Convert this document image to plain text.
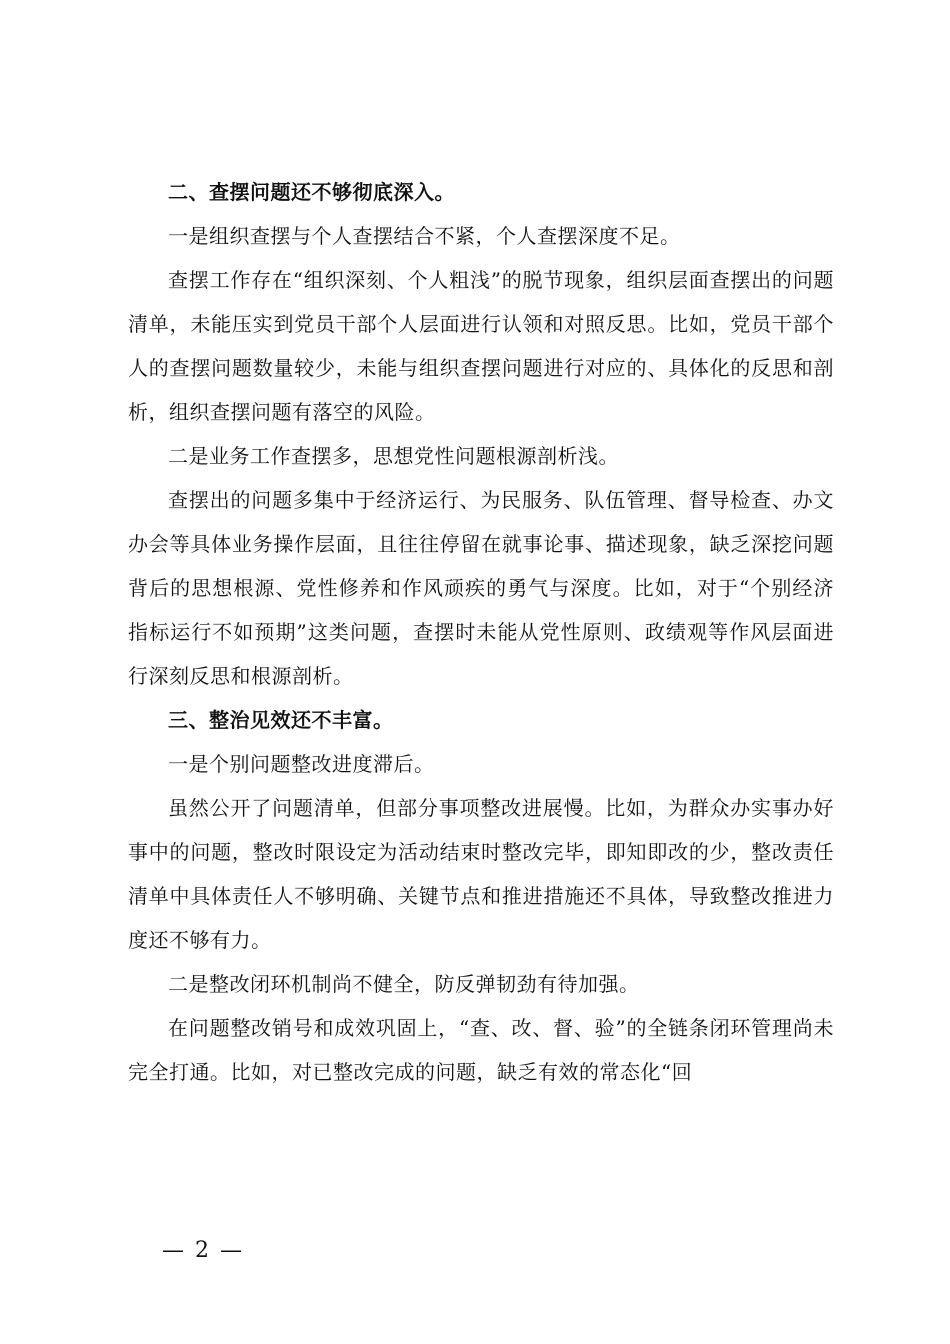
二、查摆问题还不够彻底深入。

一是组织查摆与个人查摆结合不紧，个人查摆深度不足。

查摆工作存在“组织深刻、个人粗浅”的脱节现象，组织层面查摆出的问题清单，未能压实到党员干部个人层面进行认领和对照反思。比如，党员干部个人的查摆问题数量较少，未能与组织查摆问题进行对应的、具体化的反思和剖析，组织查摆问题有落空的风险。

二是业务工作查摆多，思想党性问题根源剖析浅。

查摆出的问题多集中于经济运行、为民服务、队伍管理、督导检查、办文办会等具体业务操作层面，且往往停留在就事论事、描述现象，缺乏深挖问题背后的思想根源、党性修养和作风顽疾的勇气与深度。比如，对于“个别经济指标运行不如预期”这类问题，查摆时未能从党性原则、政绩观等作风层面进行深刻反思和根源剖析。

三、整治见效还不丰富。

一是个别问题整改进度滞后。

虽然公开了问题清单，但部分事项整改进展慢。比如，为群众办实事办好事中的问题，整改时限设定为活动结束时整改完毕，即知即改的少，整改责任清单中具体责任人不够明确、关键节点和推进措施还不具体，导致整改推进力度还不够有力。

二是整改闭环机制尚不健全，防反弹韧劲有待加强。

在问题整改销号和成效巩固上，“查、改、督、验”的全链条闭环管理尚未完全打通。比如，对已整改完成的问题，缺乏有效的常态化“回

— 2 —
